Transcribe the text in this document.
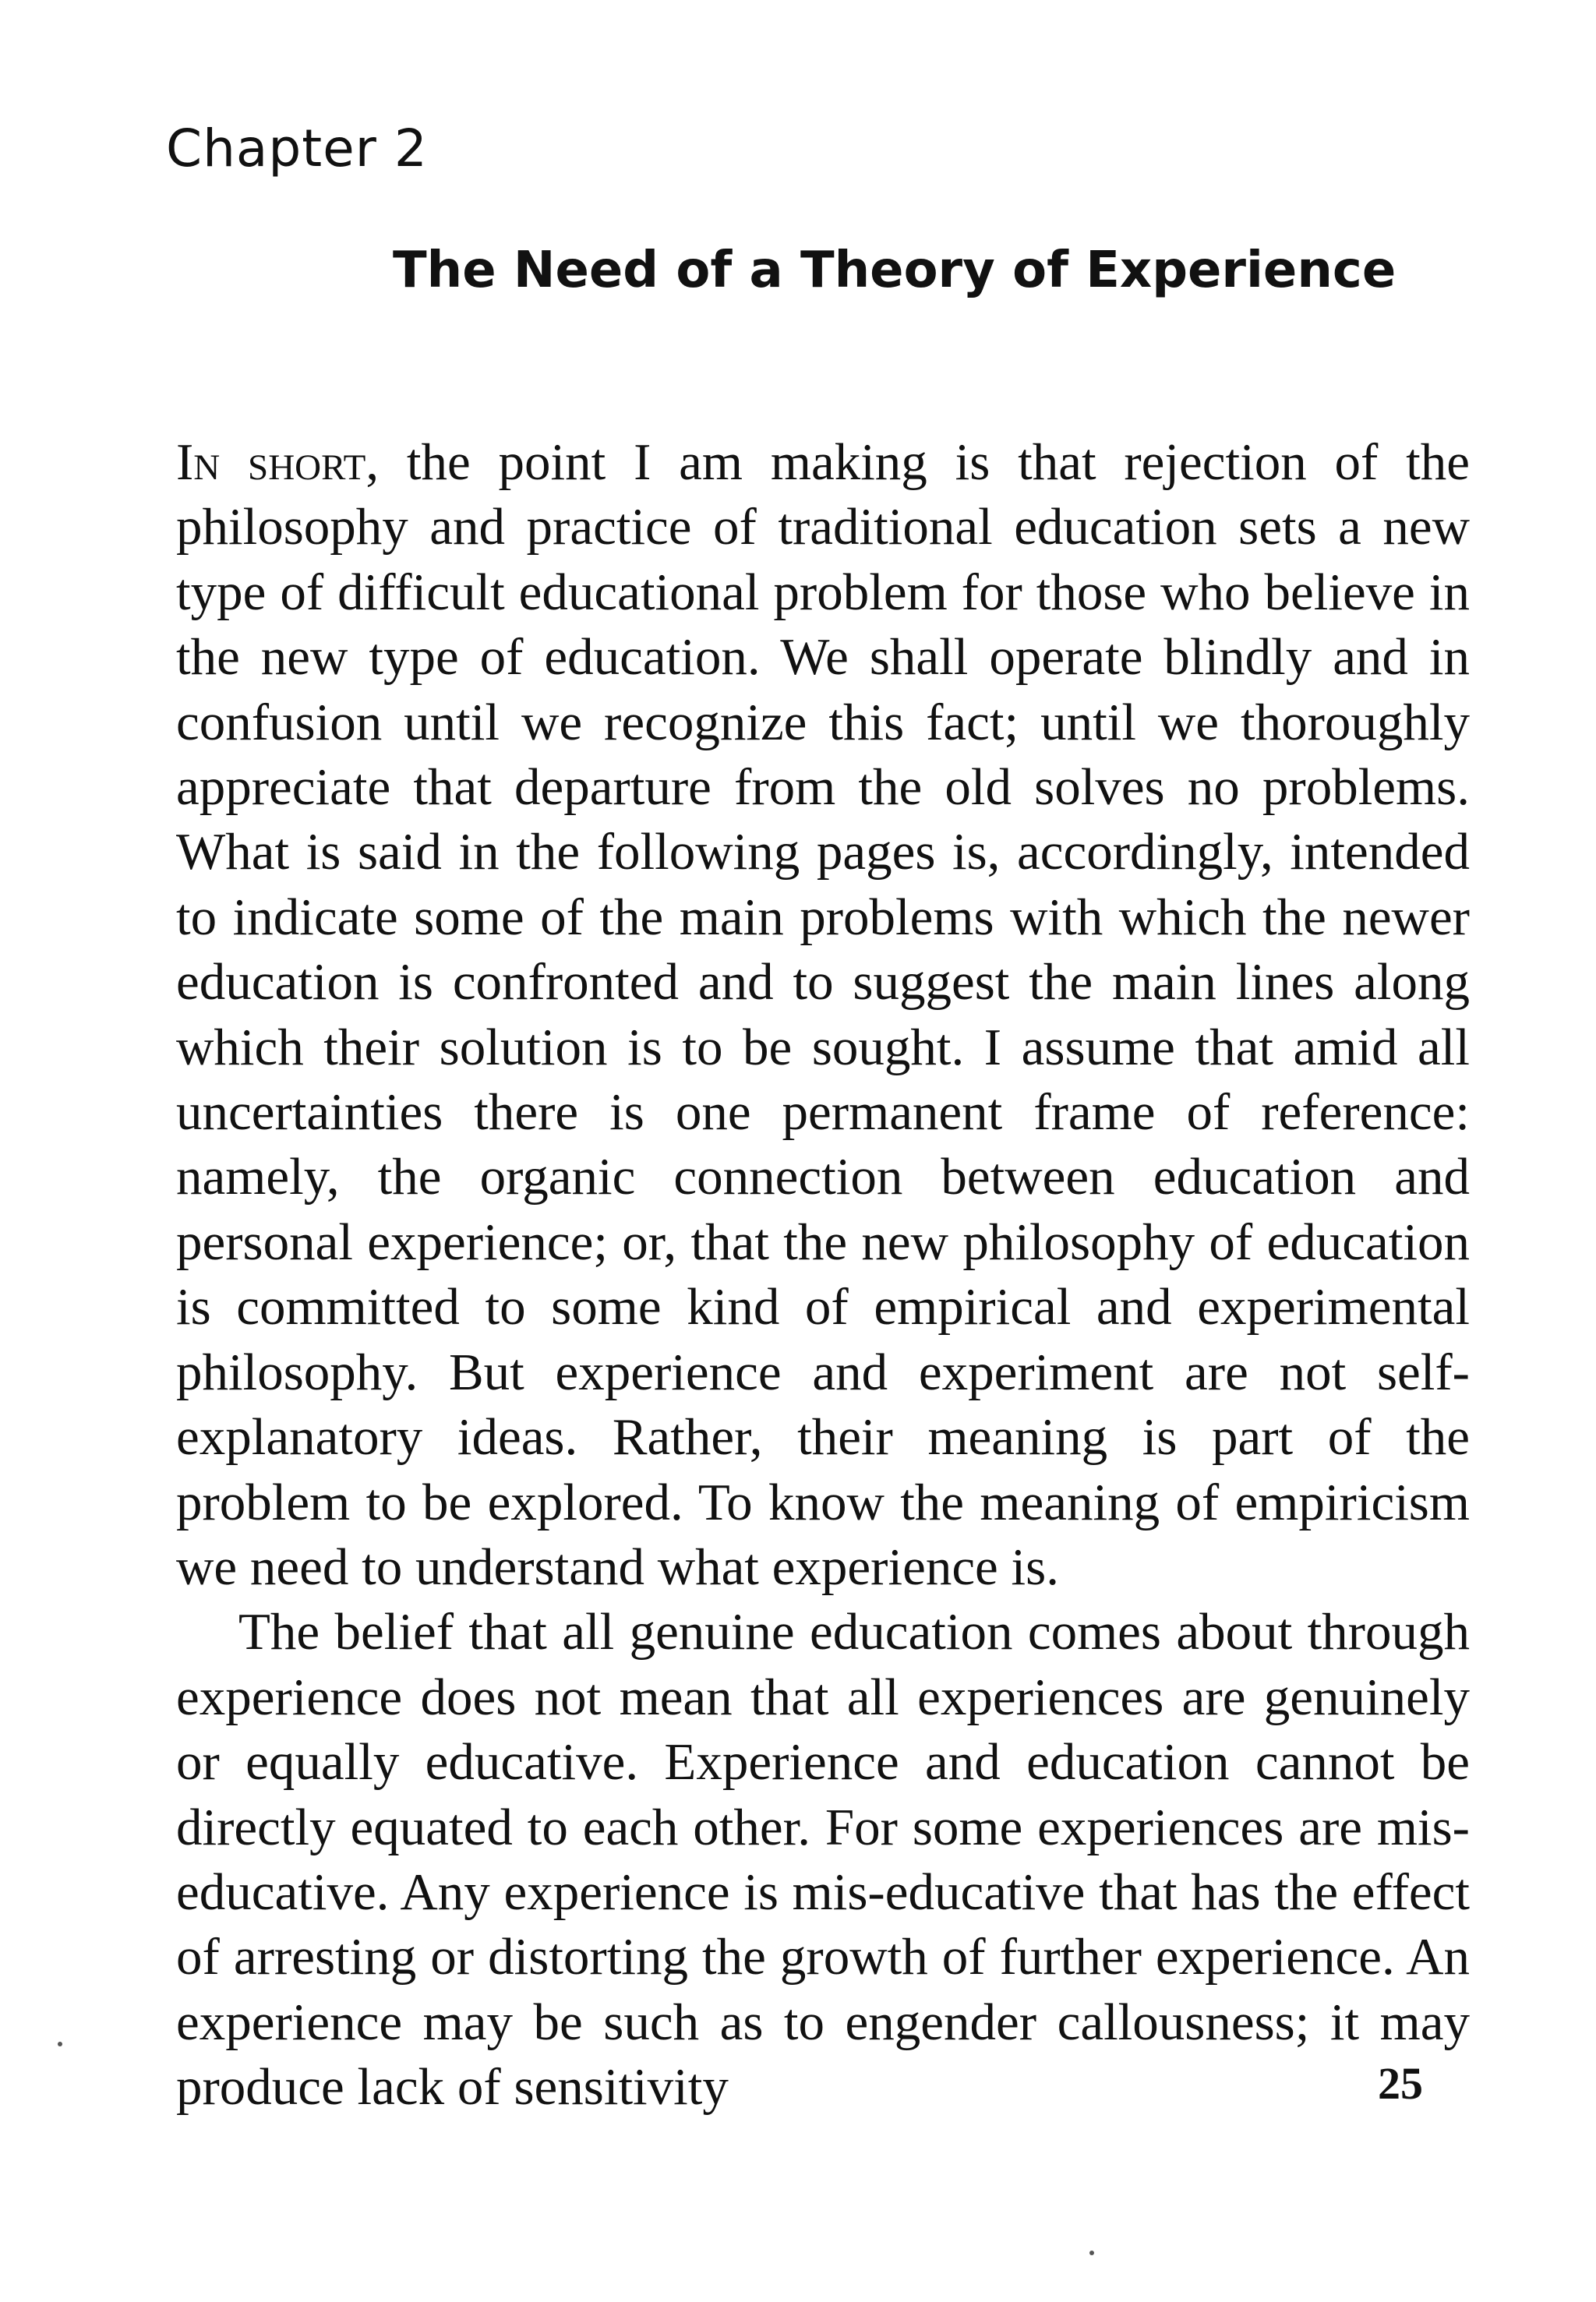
Chapter 2
The Need of a Theory of Experience

In short, the point I am making is that rejection of the philosophy and practice of traditional education sets a new type of difficult educational problem for those who believe in the new type of education. We shall operate blindly and in confusion until we recognize this fact; until we thoroughly appreciate that departure from the old solves no problems. What is said in the following pages is, accordingly, intended to indicate some of the main problems with which the newer education is confronted and to suggest the main lines along which their solution is to be sought. I assume that amid all uncertainties there is one permanent frame of reference: namely, the organic connection between education and personal experience; or, that the new philosophy of education is committed to some kind of empirical and experimental philosophy. But experience and experiment are not self-explanatory ideas. Rather, their meaning is part of the problem to be explored. To know the meaning of empiricism we need to understand what experience is.

The belief that all genuine education comes about through experience does not mean that all experiences are genuinely or equally educative. Experience and education cannot be directly equated to each other. For some experiences are mis-educative. Any experience is mis-educative that has the effect of arresting or distorting the growth of further experience. An experience may be such as to engender callousness; it may produce lack of sensitivity	25
